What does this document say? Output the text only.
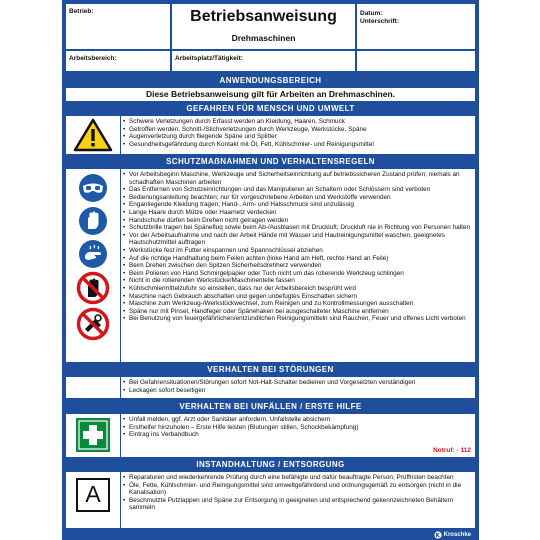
Betrieb:	Betriebsanweisung
Drehmaschinen
Datum:
Unterschrift:
Arbeitsbereich:	Arbeitsplatz/Tätigkeit:
ANWENDUNGSBEREICH
Diese Betriebsanweisung gilt für Arbeiten an Drehmaschinen.
GEFAHREN FÜR MENSCH UND UMWELT
• Schwere Verletzungen durch Erfasst werden an Kleidung, Haaren, Schmuck
• Getroffen werden, Schnitt-/Stichverletzungen durch Werkzeuge, Werkstücke, Späne
• Augenverletzung durch fliegende Späne und Splitter
• Gesundheitsgefährdung durch Kontakt mit Öl, Fett, Kühlschmier- und Reinigungsmittel
SCHUTZMAẞNAHMEN UND VERHALTENSREGELN
• Vor Arbeitsbeginn Maschine, Werkzeuge und Sicherheitseinrichtung auf betriebssicheren Zustand prüfen; niemals an schadhaften Maschinen arbeiten
• Das Entfernen von Schutzeinrichtungen und das Manipulieren an Schaltern oder Schlössern sind verboten
• Bedienungsanleitung beachten; nur für vorgeschriebene Arbeiten und Werkstoffe verwenden
• Enganliegende Kleidung tragen; Hand-, Arm- und Halsschmuck sind unzulässig
• Lange Haare durch Mütze oder Haarnetz verdecken
• Handschuhe dürfen beim Drehen nicht getragen werden
• Schutzbrille tragen bei Spänefluq sowie beim Ab-/Ausblasen mit Druckluft; Druckluft nie in Richtung von Personen halten
• Vor der Arbeitsaufnahme und nach der Arbeit Hände mit Wasser und Hautreinigungsmittel waschen, geeignetes Hautschutzmittel auftragen
• Werkstücke fest im Futter einspannen und Spannschlüssel abziehen
• Auf die richtige Handhaltung beim Feilen achten (linke Hand am Heft, rechte Hand an Feile)
• Beim Drehen zwischen den Spitzen Sicherheitsdrehherz verwenden
• Beim Polieren von Hand Schmirgelpapier oder Tuch nicht um das rotierende Werkzeug schlingen
• Nicht in die rotierenden Werkstücke/Maschinenteile fassen
• Kühlschmiermittelzufuhr so einstellen, dass nur der Arbeitsbereich besprüht wird
• Maschine nach Gebrauch abschalten und gegen unbefugtes Einschalten sichern
• Maschine zum Werkzeug-/Werkstückwechsel, zum Reinigen und zu Kontrollmessungen ausschalten
• Späne nur mit Pinsel, Handfeger oder Spänehaken bei ausgeschalteter Maschine entfernen
• Bei Benutzung von feuergefährlichen/entzündlichen Reinigungsmitteln sind Rauchen, Feuer und offenes Licht verboten
VERHALTEN BEI STÖRUNGEN
• Bei Gefahrensituationen/Störungen sofort Not-Halt-Schalter bedienen und Vorgesetzten verständigen
• Leckagen sofort beseitigen
VERHALTEN BEI UNFÄLLEN / ERSTE HILFE
• Unfall melden, ggf. Arzt oder Sanitäter anfordern, Unfallstelle absichern
• Ersthelfer hinzuholen – Erste Hilfe leisten (Blutungen stillen, Schockbekämpfung)
• Eintrag ins Verbandbuch
Notruf: - 112
INSTANDHALTUNG / ENTSORGUNG
A
• Reparaturen und wiederkehrende Prüfung durch eine befähigte und dafür beauftragte Person; Prüffristen beachten
• Öle, Fette, Kühlschmier- und Reinigungsmittel sind umweltgefährdend und ordnungsgemäß zu entsorgen (nicht in die Kanalisation)
• Beschmutzte Putzlappen und Späne zur Entsorgung in geeigneten und entsprechend gekennzeichneten Behältern sammeln
Kroschke
